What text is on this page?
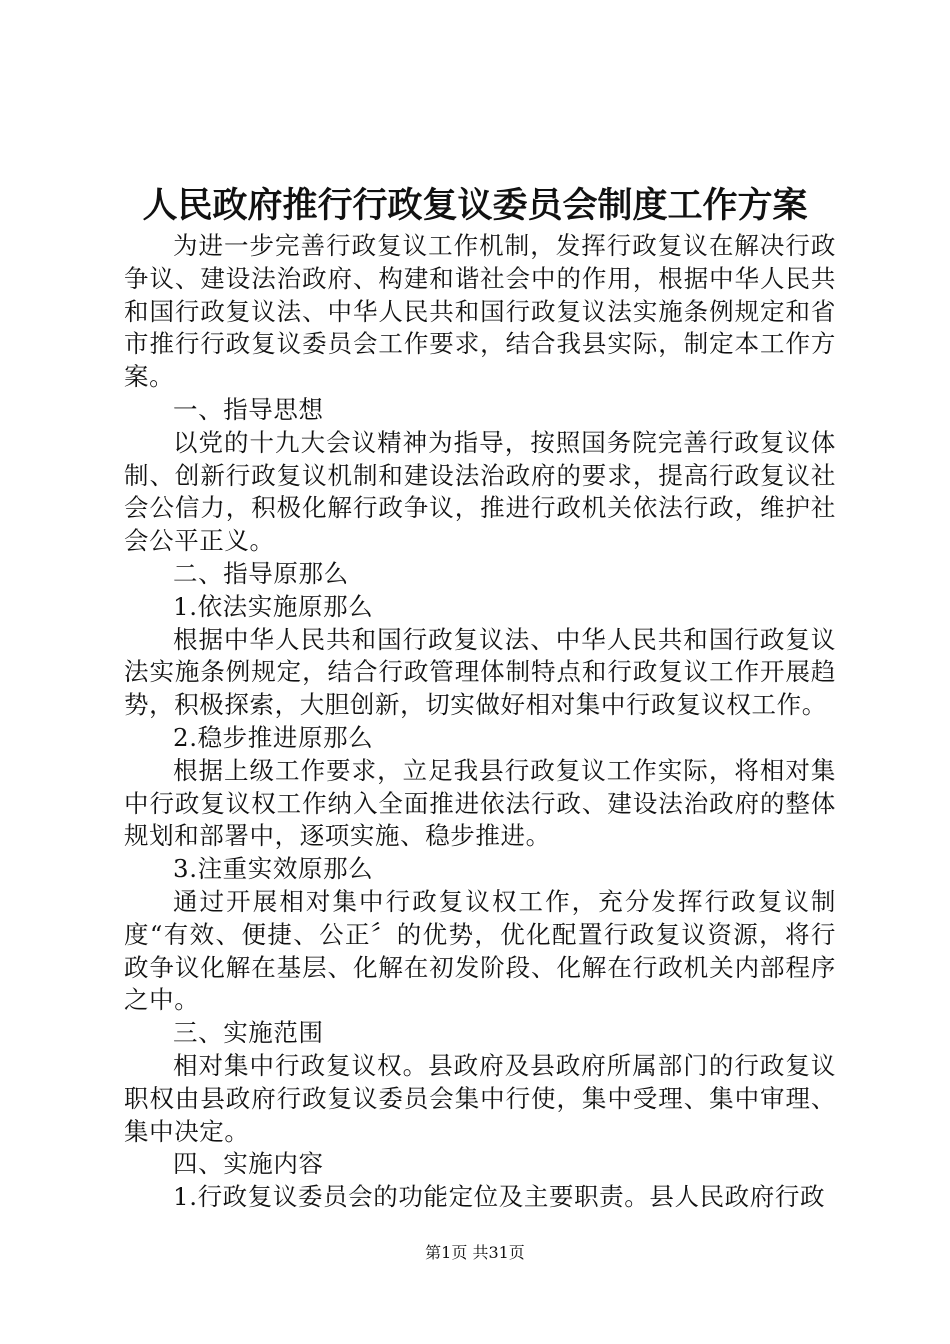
人民政府推行行政复议委员会制度工作方案

为进一步完善行政复议工作机制，发挥行政复议在解决行政争议、建设法治政府、构建和谐社会中的作用，根据中华人民共和国行政复议法、中华人民共和国行政复议法实施条例规定和省市推行行政复议委员会工作要求，结合我县实际，制定本工作方案。

一、指导思想

以党的十九大会议精神为指导，按照国务院完善行政复议体制、创新行政复议机制和建设法治政府的要求，提高行政复议社会公信力，积极化解行政争议，推进行政机关依法行政，维护社会公平正义。

二、指导原那么

1.依法实施原那么

根据中华人民共和国行政复议法、中华人民共和国行政复议法实施条例规定，结合行政管理体制特点和行政复议工作开展趋势，积极探索，大胆创新，切实做好相对集中行政复议权工作。

2.稳步推进原那么

根据上级工作要求，立足我县行政复议工作实际，将相对集中行政复议权工作纳入全面推进依法行政、建设法治政府的整体规划和部署中，逐项实施、稳步推进。

3.注重实效原那么

通过开展相对集中行政复议权工作，充分发挥行政复议制度“有效、便捷、公正〞的优势，优化配置行政复议资源，将行政争议化解在基层、化解在初发阶段、化解在行政机关内部程序之中。

三、实施范围

相对集中行政复议权。县政府及县政府所属部门的行政复议职权由县政府行政复议委员会集中行使，集中受理、集中审理、集中决定。

四、实施内容

1.行政复议委员会的功能定位及主要职责。县人民政府行政

第1页 共31页
